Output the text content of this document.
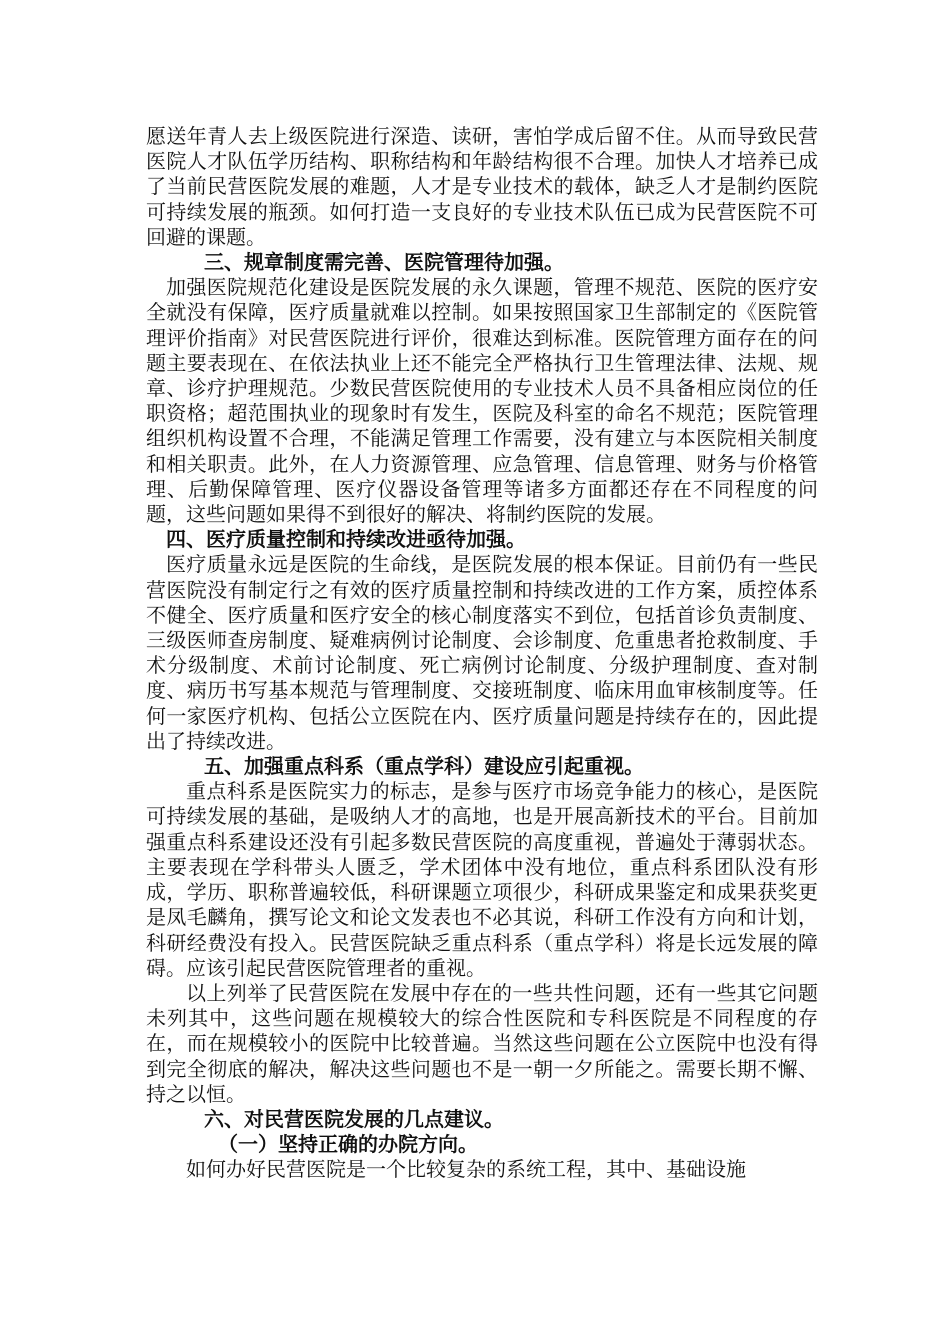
愿送年青人去上级医院进行深造、读研，害怕学成后留不住。从而导致民营医院人才队伍学历结构、职称结构和年龄结构很不合理。加快人才培养已成了当前民营医院发展的难题，人才是专业技术的载体，缺乏人才是制约医院可持续发展的瓶颈。如何打造一支良好的专业技术队伍已成为民营医院不可回避的课题。

三、规章制度需完善、医院管理待加强。

加强医院规范化建设是医院发展的永久课题，管理不规范、医院的医疗安全就没有保障，医疗质量就难以控制。如果按照国家卫生部制定的《医院管理评价指南》对民营医院进行评价，很难达到标准。医院管理方面存在的问题主要表现在、在依法执业上还不能完全严格执行卫生管理法律、法规、规章、诊疗护理规范。少数民营医院使用的专业技术人员不具备相应岗位的任职资格；超范围执业的现象时有发生，医院及科室的命名不规范；医院管理组织机构设置不合理，不能满足管理工作需要，没有建立与本医院相关制度和相关职责。此外，在人力资源管理、应急管理、信息管理、财务与价格管理、后勤保障管理、医疗仪器设备管理等诸多方面都还存在不同程度的问题，这些问题如果得不到很好的解决、将制约医院的发展。

四、医疗质量控制和持续改进亟待加强。

医疗质量永远是医院的生命线，是医院发展的根本保证。目前仍有一些民营医院没有制定行之有效的医疗质量控制和持续改进的工作方案，质控体系不健全、医疗质量和医疗安全的核心制度落实不到位，包括首诊负责制度、三级医师查房制度、疑难病例讨论制度、会诊制度、危重患者抢救制度、手术分级制度、术前讨论制度、死亡病例讨论制度、分级护理制度、查对制度、病历书写基本规范与管理制度、交接班制度、临床用血审核制度等。任何一家医疗机构、包括公立医院在内、医疗质量问题是持续存在的，因此提出了持续改进。

五、加强重点科系（重点学科）建设应引起重视。

重点科系是医院实力的标志，是参与医疗市场竞争能力的核心，是医院可持续发展的基础，是吸纳人才的高地，也是开展高新技术的平台。目前加强重点科系建设还没有引起多数民营医院的高度重视，普遍处于薄弱状态。主要表现在学科带头人匮乏，学术团体中没有地位，重点科系团队没有形成，学历、职称普遍较低，科研课题立项很少，科研成果鉴定和成果获奖更是凤毛麟角，撰写论文和论文发表也不必其说，科研工作没有方向和计划，科研经费没有投入。民营医院缺乏重点科系（重点学科）将是长远发展的障碍。应该引起民营医院管理者的重视。

以上列举了民营医院在发展中存在的一些共性问题，还有一些其它问题未列其中，这些问题在规模较大的综合性医院和专科医院是不同程度的存在，而在规模较小的医院中比较普遍。当然这些问题在公立医院中也没有得到完全彻底的解决，解决这些问题也不是一朝一夕所能之。需要长期不懈、持之以恒。

六、对民营医院发展的几点建议。

（一）坚持正确的办院方向。

如何办好民营医院是一个比较复杂的系统工程，其中、基础设施
